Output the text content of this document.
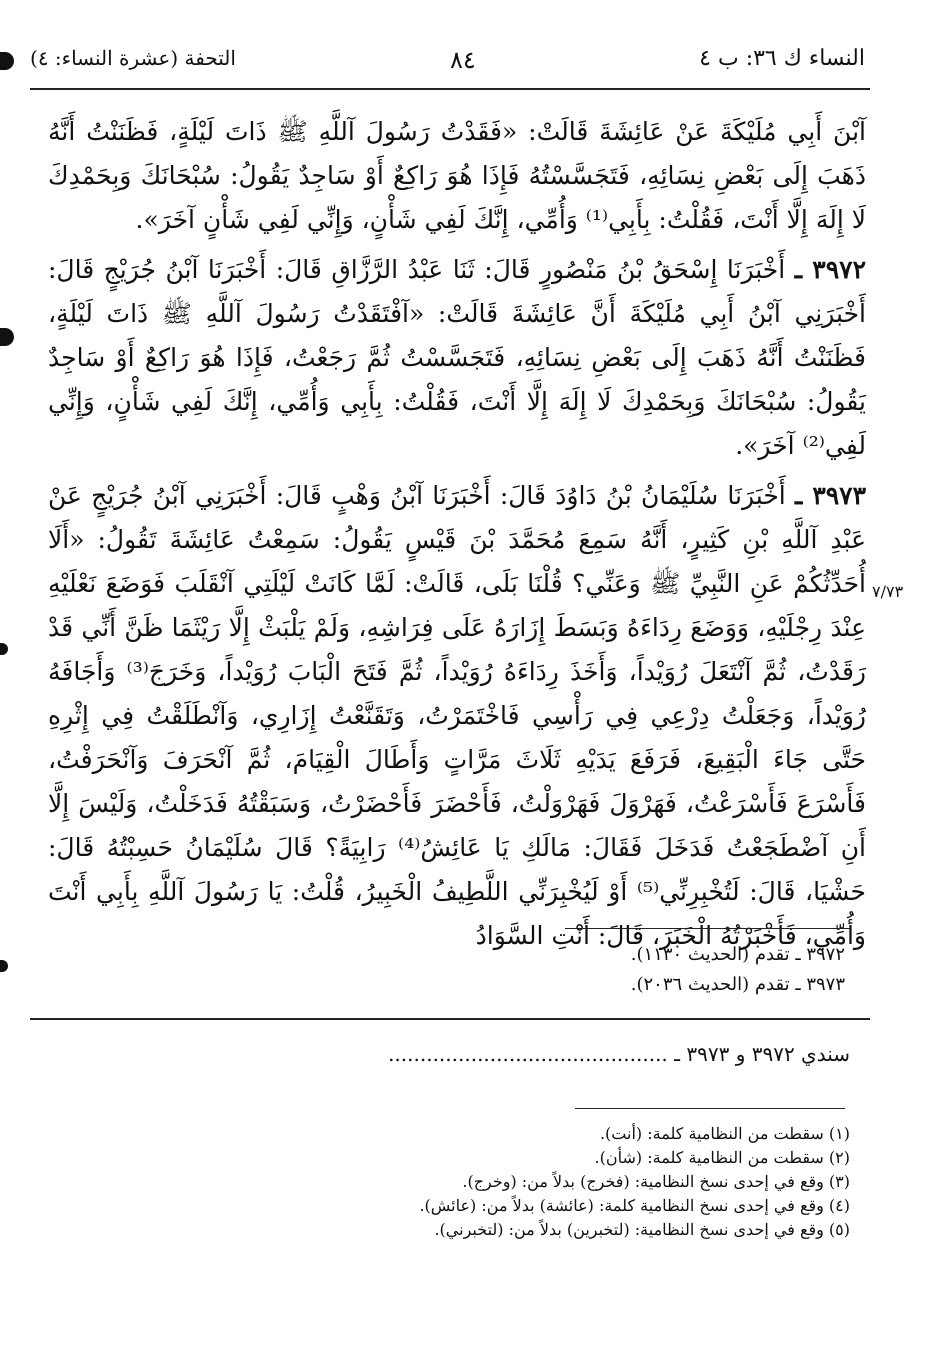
النساء ك ٣٦: ب ٤
٨٤
التحفة (عشرة النساء: ٤)
٧/٧٣

آبْنَ أَبِي مُلَيْكَةَ عَنْ عَائِشَةَ قَالَتْ: «فَقَدْتُ رَسُولَ آللَّهِ ﷺ ذَاتَ لَيْلَةٍ، فَظَنَنْتُ أَنَّهُ ذَهَبَ إِلَى بَعْضِ نِسَائِهِ، فَتَجَسَّسْتُهُ فَإِذَا هُوَ رَاكِعٌ أَوْ سَاجِدٌ يَقُولُ: سُبْحَانَكَ وَبِحَمْدِكَ لَا إِلَهَ إِلَّا أَنْتَ، فَقُلْتُ: بِأَبِي⁽¹⁾ وَأُمِّي، إِنَّكَ لَفِي شَأْنٍ، وَإِنِّي لَفِي شَأْنٍ آخَرَ».

٣٩٧٢ ـ أَخْبَرَنَا إِسْحَقُ بْنُ مَنْصُورٍ قَالَ: ثَنَا عَبْدُ الرَّزَّاقِ قَالَ: أَخْبَرَنَا آبْنُ جُرَيْجٍ قَالَ: أَخْبَرَنِي آبْنُ أَبِي مُلَيْكَةَ أَنَّ عَائِشَةَ قَالَتْ: «آفْتَقَدْتُ رَسُولَ آللَّهِ ﷺ ذَاتَ لَيْلَةٍ، فَظَنَنْتُ أَنَّهُ ذَهَبَ إِلَى بَعْضِ نِسَائِهِ، فَتَجَسَّسْتُ ثُمَّ رَجَعْتُ، فَإِذَا هُوَ رَاكِعٌ أَوْ سَاجِدٌ يَقُولُ: سُبْحَانَكَ وَبِحَمْدِكَ لَا إِلَهَ إِلَّا أَنْتَ، فَقُلْتُ: بِأَبِي وَأُمِّي، إِنَّكَ لَفِي شَأْنٍ، وَإِنِّي لَفِي⁽²⁾ آخَرَ».

٣٩٧٣ ـ أَخْبَرَنَا سُلَيْمَانُ بْنُ دَاوُدَ قَالَ: أَخْبَرَنَا آبْنُ وَهْبٍ قَالَ: أَخْبَرَنِي آبْنُ جُرَيْجٍ عَنْ عَبْدِ آللَّهِ بْنِ كَثِيرٍ، أَنَّهُ سَمِعَ مُحَمَّدَ بْنَ قَيْسٍ يَقُولُ: سَمِعْتُ عَائِشَةَ تَقُولُ: «أَلَا أُحَدِّثُكُمْ عَنِ النَّبِيِّ ﷺ وَعَنِّي؟ قُلْنَا بَلَى، قَالَتْ: لَمَّا كَانَتْ لَيْلَتِي آنْقَلَبَ فَوَضَعَ نَعْلَيْهِ عِنْدَ رِجْلَيْهِ، وَوَضَعَ رِدَاءَهُ وَبَسَطَ إِزَارَهُ عَلَى فِرَاشِهِ، وَلَمْ يَلْبَثْ إِلَّا رَيْثَمَا ظَنَّ أَنِّي قَدْ رَقَدْتُ، ثُمَّ آنْتَعَلَ رُوَيْداً، وَأَخَذَ رِدَاءَهُ رُوَيْداً، ثُمَّ فَتَحَ الْبَابَ رُوَيْداً، وَخَرَجَ⁽³⁾ وَأَجَافَهُ رُوَيْداً، وَجَعَلْتُ دِرْعِي فِي رَأْسِي فَاخْتَمَرْتُ، وَتَقَنَّعْتُ إِزَارِي، وَآنْطَلَقْتُ فِي إِثْرِهِ حَتَّى جَاءَ الْبَقِيعَ، فَرَفَعَ يَدَيْهِ ثَلَاثَ مَرَّاتٍ وَأَطَالَ الْقِيَامَ، ثُمَّ آنْحَرَفَ وَآنْحَرَفْتُ، فَأَسْرَعَ فَأَسْرَعْتُ، فَهَرْوَلَ فَهَرْوَلْتُ، فَأَحْضَرَ فَأَحْضَرْتُ، وَسَبَقْتُهُ فَدَخَلْتُ، وَلَيْسَ إِلَّا أَنِ آضْطَجَعْتُ فَدَخَلَ فَقَالَ: مَالَكِ يَا عَائِشُ⁽⁴⁾ رَابِيَةً؟ قَالَ سُلَيْمَانُ حَسِبْتُهُ قَالَ: حَشْيَا، قَالَ: لَتُخْبِرِنِّي⁽⁵⁾ أَوْ لَيُخْبِرَنِّي اللَّطِيفُ الْخَبِيرُ، قُلْتُ: يَا رَسُولَ آللَّهِ بِأَبِي أَنْتَ وَأُمِّي، فَأَخْبَرْتُهُ الْخَبَرَ، قَالَ: أَنْتِ السَّوَادُ

٣٩٧٢ ـ تقدم (الحديث ١١٣٠).
٣٩٧٣ ـ تقدم (الحديث ٢٠٣٦).
سندي ٣٩٧٢ و ٣٩٧٣ ـ ............................................
(١) سقطت من النظامية كلمة: (أنت).
(٢) سقطت من النظامية كلمة: (شأن).
(٣) وقع في إحدى نسخ النظامية: (فخرج) بدلاً من: (وخرج).
(٤) وقع في إحدى نسخ النظامية كلمة: (عائشة) بدلاً من: (عائش).
(٥) وقع في إحدى نسخ النظامية: (لتخبرين) بدلاً من: (لتخبرني).
